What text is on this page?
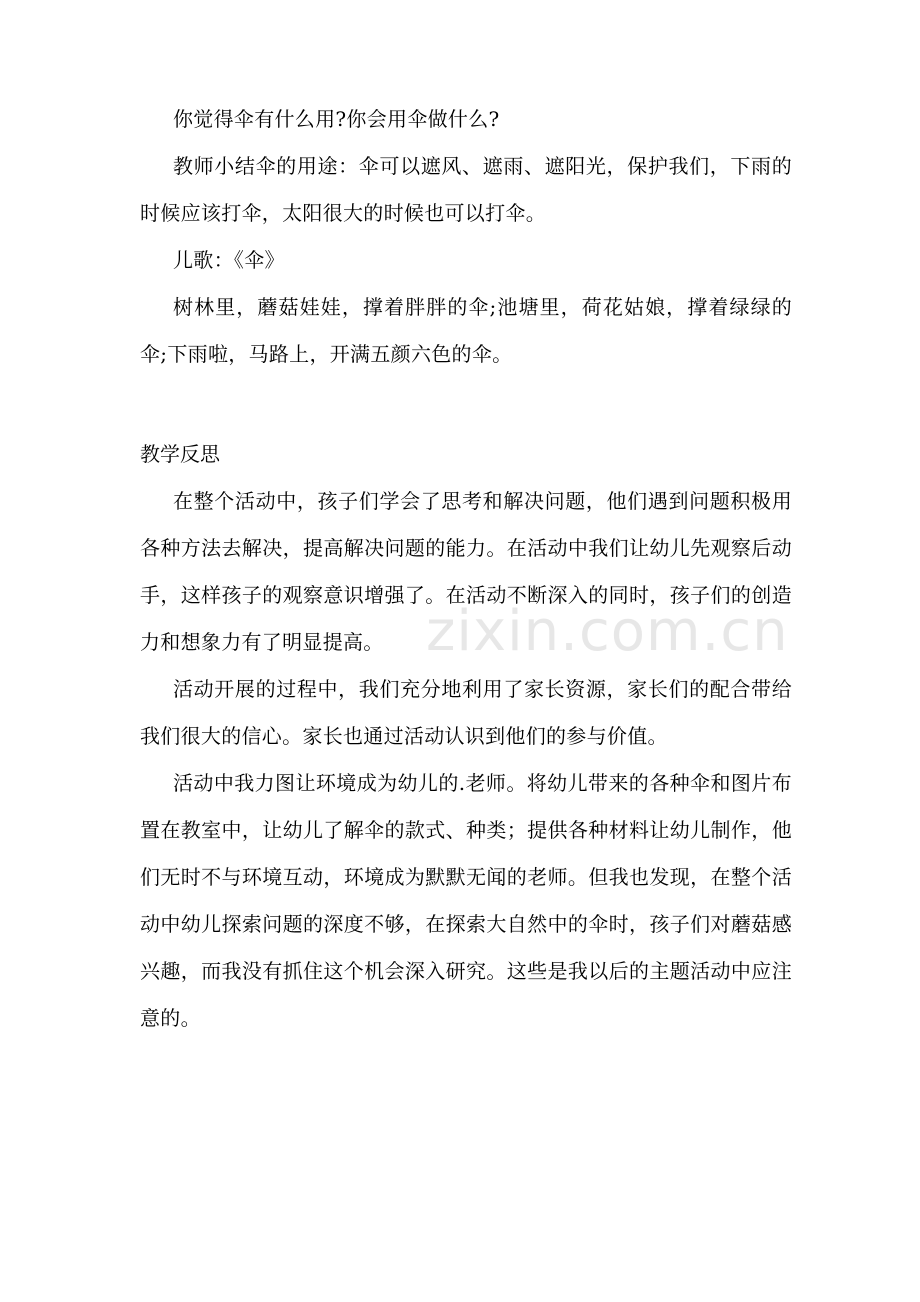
你觉得伞有什么用?你会用伞做什么?

教师小结伞的用途：伞可以遮风、遮雨、遮阳光，保护我们，下雨的时候应该打伞，太阳很大的时候也可以打伞。

儿歌：《伞》

树林里，蘑菇娃娃，撑着胖胖的伞;池塘里，荷花姑娘，撑着绿绿的伞;下雨啦，马路上，开满五颜六色的伞。

教学反思

在整个活动中，孩子们学会了思考和解决问题，他们遇到问题积极用各种方法去解决，提高解决问题的能力。在活动中我们让幼儿先观察后动手，这样孩子的观察意识增强了。在活动不断深入的同时，孩子们的创造力和想象力有了明显提高。

活动开展的过程中，我们充分地利用了家长资源，家长们的配合带给我们很大的信心。家长也通过活动认识到他们的参与价值。

活动中我力图让环境成为幼儿的.老师。将幼儿带来的各种伞和图片布置在教室中，让幼儿了解伞的款式、种类；提供各种材料让幼儿制作，他们无时不与环境互动，环境成为默默无闻的老师。但我也发现，在整个活动中幼儿探索问题的深度不够，在探索大自然中的伞时，孩子们对蘑菇感兴趣，而我没有抓住这个机会深入研究。这些是我以后的主题活动中应注意的。

zixin.com.cn
